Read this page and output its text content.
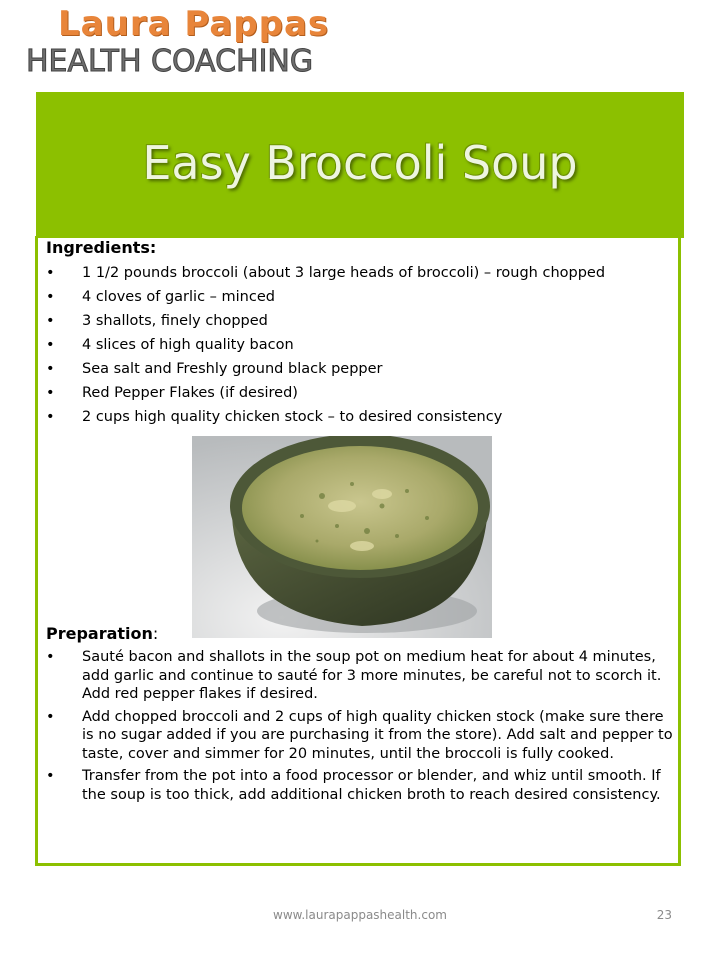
Laura Pappas
HEALTH COACHING
Easy Broccoli Soup
Ingredients:
• 1 1/2 pounds broccoli (about 3 large heads of broccoli) – rough chopped
• 4 cloves of garlic – minced
• 3 shallots, finely chopped
• 4 slices of high quality bacon
• Sea salt and Freshly ground black pepper
• Red Pepper Flakes (if desired)
• 2 cups high quality chicken stock – to desired consistency
Preparation:
• Sauté bacon and shallots in the soup pot on medium heat for about 4 minutes, add garlic and continue to sauté for 3 more minutes, be careful not to scorch it. Add red pepper flakes if desired.
• Add chopped broccoli and 2 cups of high quality chicken stock (make sure there is no sugar added if you are purchasing it from the store). Add salt and pepper to taste, cover and simmer for 20 minutes, until the broccoli is fully cooked.
• Transfer from the pot into a food processor or blender, and whiz until smooth. If the soup is too thick, add additional chicken broth to reach desired consistency.
www.laurapappashealth.com	23
